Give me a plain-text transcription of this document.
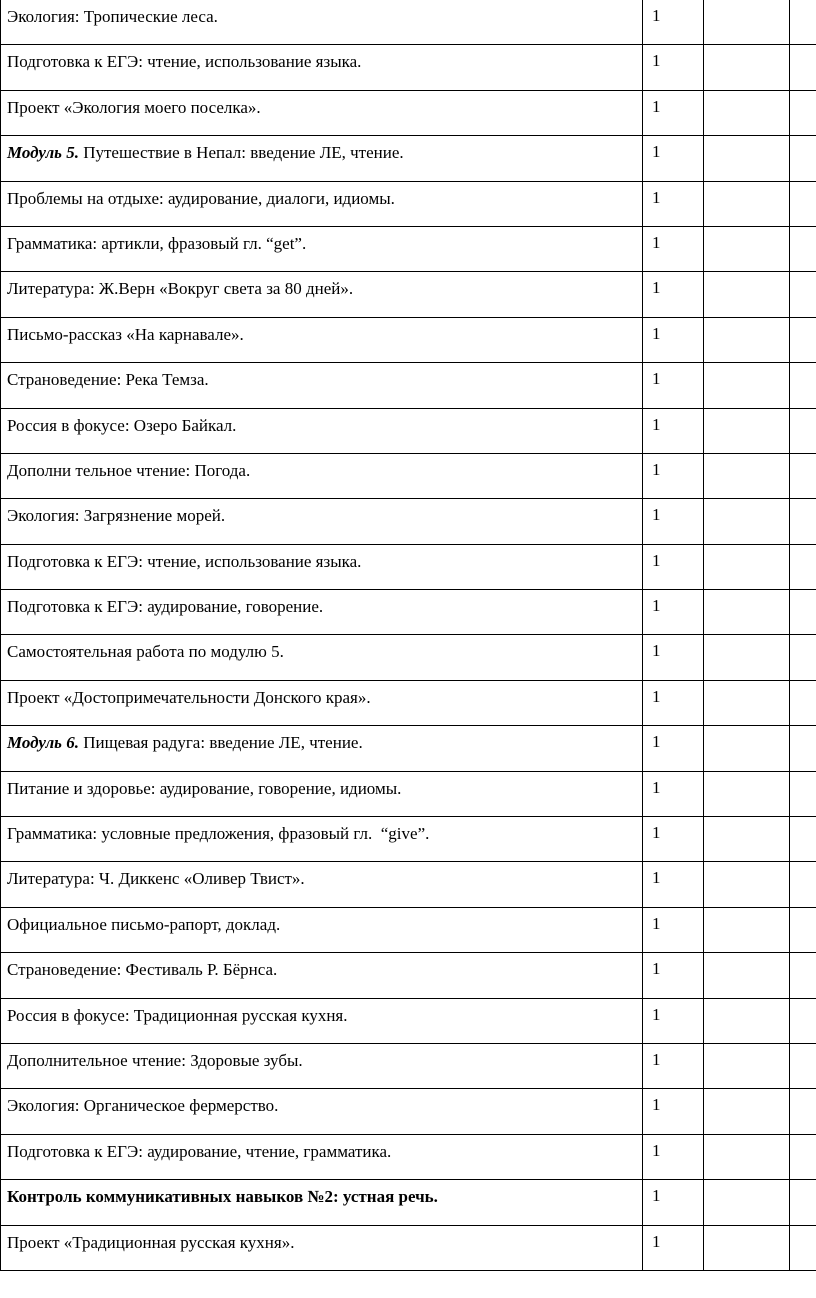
Экология: Тропические леса.	1		
Подготовка к ЕГЭ: чтение, использование языка.	1		
Проект «Экология моего поселка».	1		
Модуль 5. Путешествие в Непал: введение ЛЕ, чтение.	1		
Проблемы на отдыхе: аудирование, диалоги, идиомы.	1		
Грамматика: артикли, фразовый гл. “get”.	1		
Литература: Ж.Верн «Вокруг света за 80 дней».	1		
Письмо-рассказ «На карнавале».	1		
Страноведение: Река Темза.	1		
Россия в фокусе: Озеро Байкал.	1		
Дополни тельное чтение: Погода.	1		
Экология: Загрязнение морей.	1		
Подготовка к ЕГЭ: чтение, использование языка.	1		
Подготовка к ЕГЭ: аудирование, говорение.	1		
Самостоятельная работа по модулю 5.	1		
Проект «Достопримечательности Донского края».	1		
Модуль 6. Пищевая радуга: введение ЛЕ, чтение.	1		
Питание и здоровье: аудирование, говорение, идиомы.	1		
Грамматика: условные предложения, фразовый гл.  “give”.	1		
Литература: Ч. Диккенс «Оливер Твист».	1		
Официальное письмо-рапорт, доклад.	1		
Страноведение: Фестиваль Р. Бёрнса.	1		
Россия в фокусе: Традиционная русская кухня.	1		
Дополнительное чтение: Здоровые зубы.	1		
Экология: Органическое фермерство.	1		
Подготовка к ЕГЭ: аудирование, чтение, грамматика.	1		
Контроль коммуникативных навыков №2: устная речь.	1		
Проект «Традиционная русская кухня».	1		
